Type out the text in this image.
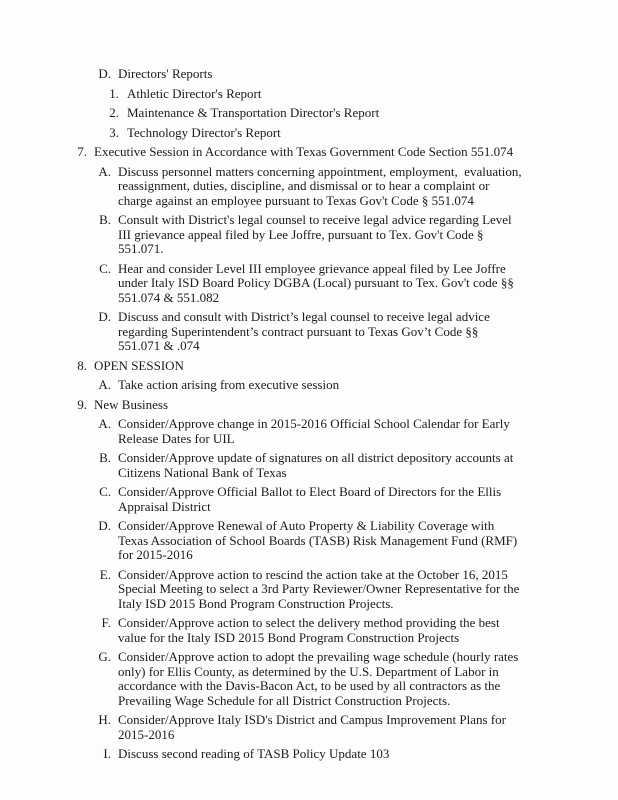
D. Directors' Reports
1. Athletic Director's Report
2. Maintenance & Transportation Director's Report
3. Technology Director's Report
7. Executive Session in Accordance with Texas Government Code Section 551.074
A. Discuss personnel matters concerning appointment, employment,  evaluation, reassignment, duties, discipline, and dismissal or to hear a complaint or charge against an employee pursuant to Texas Gov't Code § 551.074
B. Consult with District's legal counsel to receive legal advice regarding Level III grievance appeal filed by Lee Joffre, pursuant to Tex. Gov't Code § 551.071.
C. Hear and consider Level III employee grievance appeal filed by Lee Joffre under Italy ISD Board Policy DGBA (Local) pursuant to Tex. Gov't code §§ 551.074 & 551.082
D. Discuss and consult with District’s legal counsel to receive legal advice regarding Superintendent’s contract pursuant to Texas Gov’t Code §§  551.071 & .074
8. OPEN SESSION
A. Take action arising from executive session
9. New Business
A. Consider/Approve change in 2015-2016 Official School Calendar for Early Release Dates for UIL
B. Consider/Approve update of signatures on all district depository accounts at Citizens National Bank of Texas
C. Consider/Approve Official Ballot to Elect Board of Directors for the Ellis Appraisal District
D. Consider/Approve Renewal of Auto Property & Liability Coverage with Texas Association of School Boards (TASB) Risk Management Fund (RMF) for 2015-2016
E. Consider/Approve action to rescind the action take at the October 16, 2015 Special Meeting to select a 3rd Party Reviewer/Owner Representative for the Italy ISD 2015 Bond Program Construction Projects.
F. Consider/Approve action to select the delivery method providing the best value for the Italy ISD 2015 Bond Program Construction Projects
G. Consider/Approve action to adopt the prevailing wage schedule (hourly rates only) for Ellis County, as determined by the U.S. Department of Labor in accordance with the Davis-Bacon Act, to be used by all contractors as the Prevailing Wage Schedule for all District Construction Projects.
H. Consider/Approve Italy ISD's District and Campus Improvement Plans for 2015-2016
I. Discuss second reading of TASB Policy Update 103
